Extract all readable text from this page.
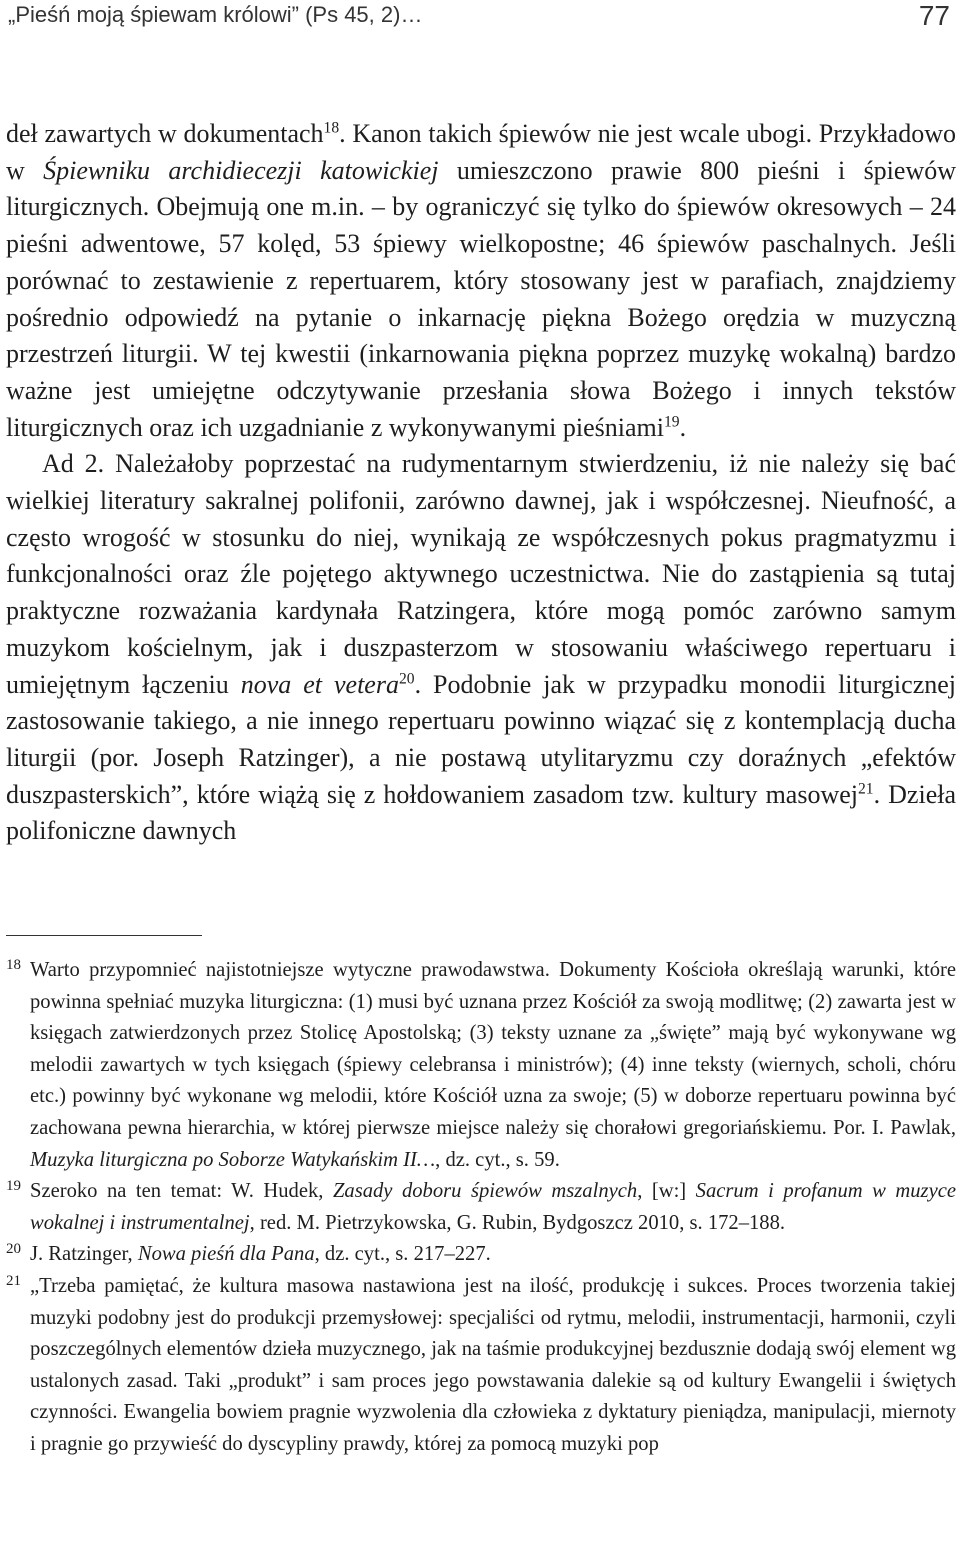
„Pieśń moją śpiewam królowi” (Ps 45, 2)…	77

deł zawartych w dokumentach$^{18}$. Kanon takich śpiewów nie jest wcale ubogi. Przykładowo w Śpiewniku archidiecezji katowickiej umieszczono prawie 800 pieśni i śpiewów liturgicznych. Obejmują one m.in. – by ograniczyć się tylko do śpiewów okresowych – 24 pieśni adwentowe, 57 kolęd, 53 śpiewy wielkopostne; 46 śpiewów paschalnych. Jeśli porównać to zestawienie z repertuarem, który stosowany jest w parafiach, znajdziemy pośrednio odpowiedź na pytanie o inkarnację piękna Bożego orędzia w muzyczną przestrzeń liturgii. W tej kwestii (inkarnowania piękna poprzez muzykę wokalną) bardzo ważne jest umiejętne odczytywanie przesłania słowa Bożego i innych tekstów liturgicznych oraz ich uzgadnianie z wykonywanymi pieśniami$^{19}$.

Ad 2. Należałoby poprzestać na rudymentarnym stwierdzeniu, iż nie należy się bać wielkiej literatury sakralnej polifonii, zarówno dawnej, jak i współczesnej. Nieufność, a często wrogość w stosunku do niej, wynikają ze współczesnych pokus pragmatyzmu i funkcjonalności oraz źle pojętego aktywnego uczestnictwa. Nie do zastąpienia są tutaj praktyczne rozważania kardynała Ratzingera, które mogą pomóc zarówno samym muzykom kościelnym, jak i duszpasterzom w stosowaniu właściwego repertuaru i umiejętnym łączeniu nova et vetera$^{20}$. Podobnie jak w przypadku monodii liturgicznej zastosowanie takiego, a nie innego repertuaru powinno wiązać się z kontemplacją ducha liturgii (por. Joseph Ratzinger), a nie postawą utylitaryzmu czy doraźnych „efektów duszpasterskich”, które wiążą się z hołdowaniem zasadom tzw. kultury masowej$^{21}$. Dzieła polifoniczne dawnych

18 Warto przypomnieć najistotniejsze wytyczne prawodawstwa. Dokumenty Kościoła określają warunki, które powinna spełniać muzyka liturgiczna: (1) musi być uznana przez Kościół za swoją modlitwę; (2) zawarta jest w księgach zatwierdzonych przez Stolicę Apostolską; (3) teksty uznane za „święte” mają być wykonywane wg melodii zawartych w tych księgach (śpiewy celebransa i ministrów); (4) inne teksty (wiernych, scholi, chóru etc.) powinny być wykonane wg melodii, które Kościół uzna za swoje; (5) w doborze repertuaru powinna być zachowana pewna hierarchia, w której pierwsze miejsce należy się chorałowi gregoriańskiemu. Por. I. Pawlak, Muzyka liturgiczna po Soborze Watykańskim II…, dz. cyt., s. 59.
19 Szeroko na ten temat: W. Hudek, Zasady doboru śpiewów mszalnych, [w:] Sacrum i profanum w muzyce wokalnej i instrumentalnej, red. M. Pietrzykowska, G. Rubin, Bydgoszcz 2010, s. 172–188.
20 J. Ratzinger, Nowa pieśń dla Pana, dz. cyt., s. 217–227.
21 „Trzeba pamiętać, że kultura masowa nastawiona jest na ilość, produkcję i sukces. Proces tworzenia takiej muzyki podobny jest do produkcji przemysłowej: specjaliści od rytmu, melodii, instrumentacji, harmonii, czyli poszczególnych elementów dzieła muzycznego, jak na taśmie produkcyjnej bezdusznie dodają swój element wg ustalonych zasad. Taki „produkt” i sam proces jego powstawania dalekie są od kultury Ewangelii i świętych czynności. Ewangelia bowiem pragnie wyzwolenia dla człowieka z dyktatury pieniądza, manipulacji, miernoty i pragnie go przywieść do dyscypliny prawdy, której za pomocą muzyki pop
